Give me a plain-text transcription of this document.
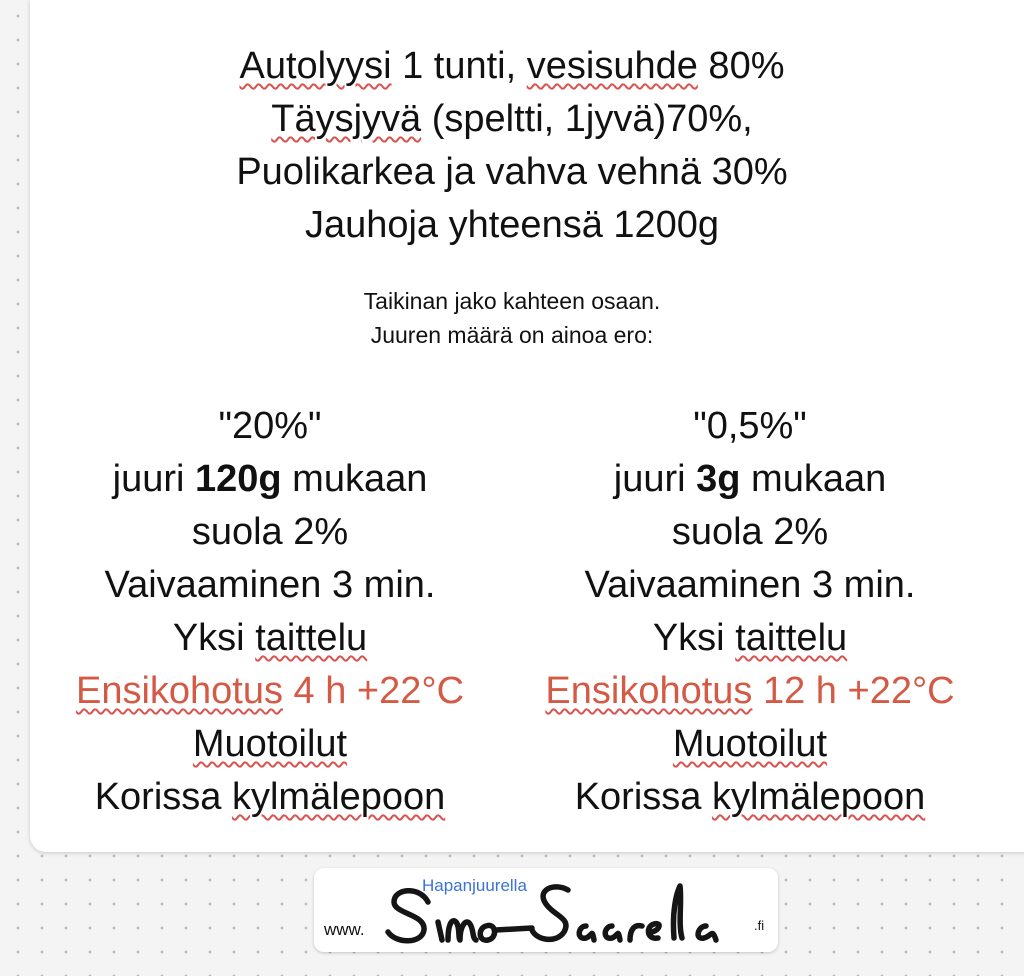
Autolyysi 1 tunti, vesisuhde 80%
Täysjyvä (speltti, 1jyvä)70%,
Puolikarkea ja vahva vehnä 30%
Jauhoja yhteensä 1200g
Taikinan jako kahteen osaan.
Juuren määrä on ainoa ero:
"20%"
juuri 120g mukaan
suola 2%
Vaivaaminen 3 min.
Yksi taittelu
Ensikohotus 4 h +22°C
Muotoilut
Korissa kylmälepoon
"0,5%"
juuri 3g mukaan
suola 2%
Vaivaaminen 3 min.
Yksi taittelu
Ensikohotus 12 h +22°C
Muotoilut
Korissa kylmälepoon
www.
Hapanjuurella
.fi
